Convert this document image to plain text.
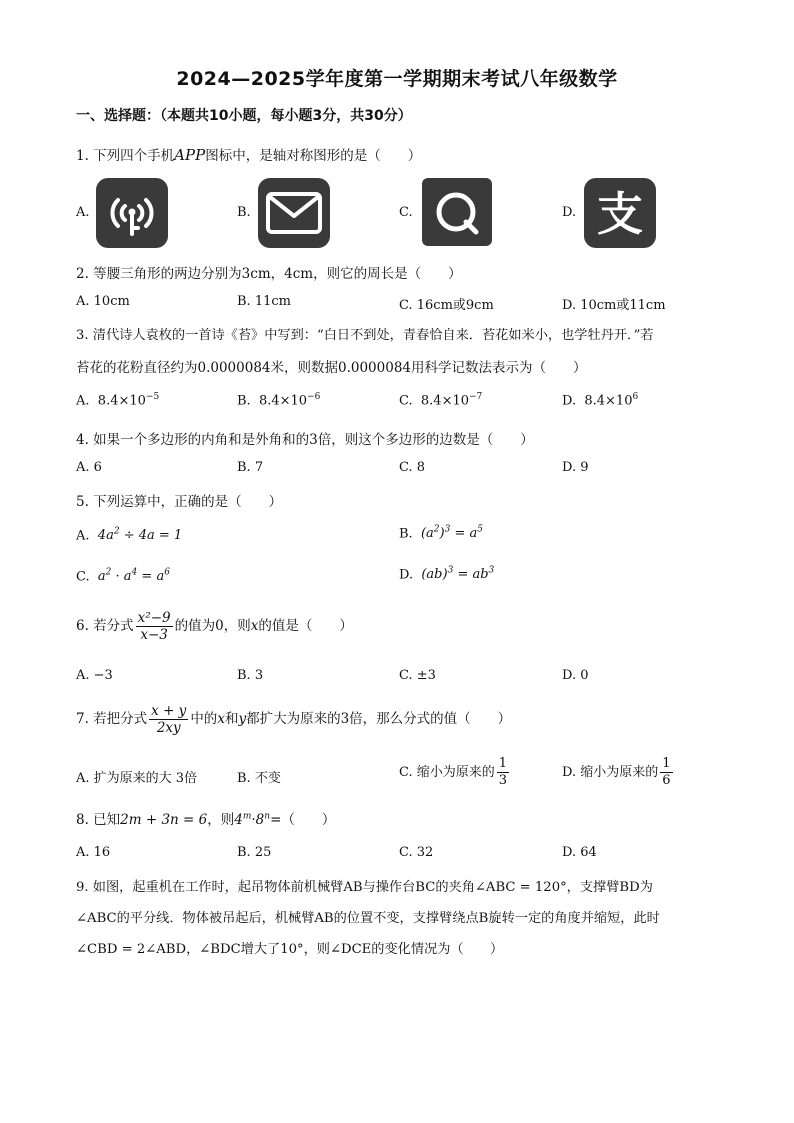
2024—2025学年度第一学期期末考试八年级数学
一、选择题：（本题共10小题，每小题3分，共30分）
1. 下列四个手机APP图标中，是轴对称图形的是（　　）
A.	B.	C.	D. 支
2. 等腰三角形的两边分别为3cm，4cm，则它的周长是（　　）
A. 10cm	B. 11cm	C. 16cm或9cm	D. 10cm或11cm
3. 清代诗人袁枚的一首诗《苔》中写到：“白日不到处，青春恰自来．苔花如米小，也学牡丹开．”若
苔花的花粉直径约为0.0000084米，则数据0.0000084用科学记数法表示为（　　）
A. $8.4\times 10^{-5}$	B. $8.4\times 10^{-6}$	C. $8.4\times 10^{-7}$	D. $8.4\times 10^6$
4. 如果一个多边形的内角和是外角和的3倍，则这个多边形的边数是（　　）
A. 6	B. 7	C. 8	D. 9
5. 下列运算中，正确的是（　　）
A. $4a^2 \div 4a = 1$	B. $(a^2)^3 = a^5$
C. $a^2 \cdot a^4 = a^6$	D. $(ab)^3 = ab^3$
6. 若分式 $\frac{\text{x²−9}}{x-3}$ 的值为0，则x的值是（　　）
A. −3	B. 3	C. ±3	D. 0
7. 若把分式 $\frac{x + y}{2xy}$ 中的x和y都扩大为原来的3倍，那么分式的值（　　）
A. 扩为原来的大 3倍	B. 不变	C. 缩小为原来的 $\frac{1}{3}$	D. 缩小为原来的 $\frac{1}{6}$
8. 已知2m + 3n = 6，则$4^m\cdot 8^n=$（　　）
A. 16	B. 25	C. 32	D. 64
9. 如图，起重机在工作时，起吊物体前机械臂AB与操作台BC的夹角∠ABC = 120°，支撑臂BD为
∠ABC的平分线．物体被吊起后，机械臂AB的位置不变，支撑臂绕点B旋转一定的角度并缩短，此时
∠CBD = 2∠ABD，∠BDC增大了10°，则∠DCE的变化情况为（　　）
